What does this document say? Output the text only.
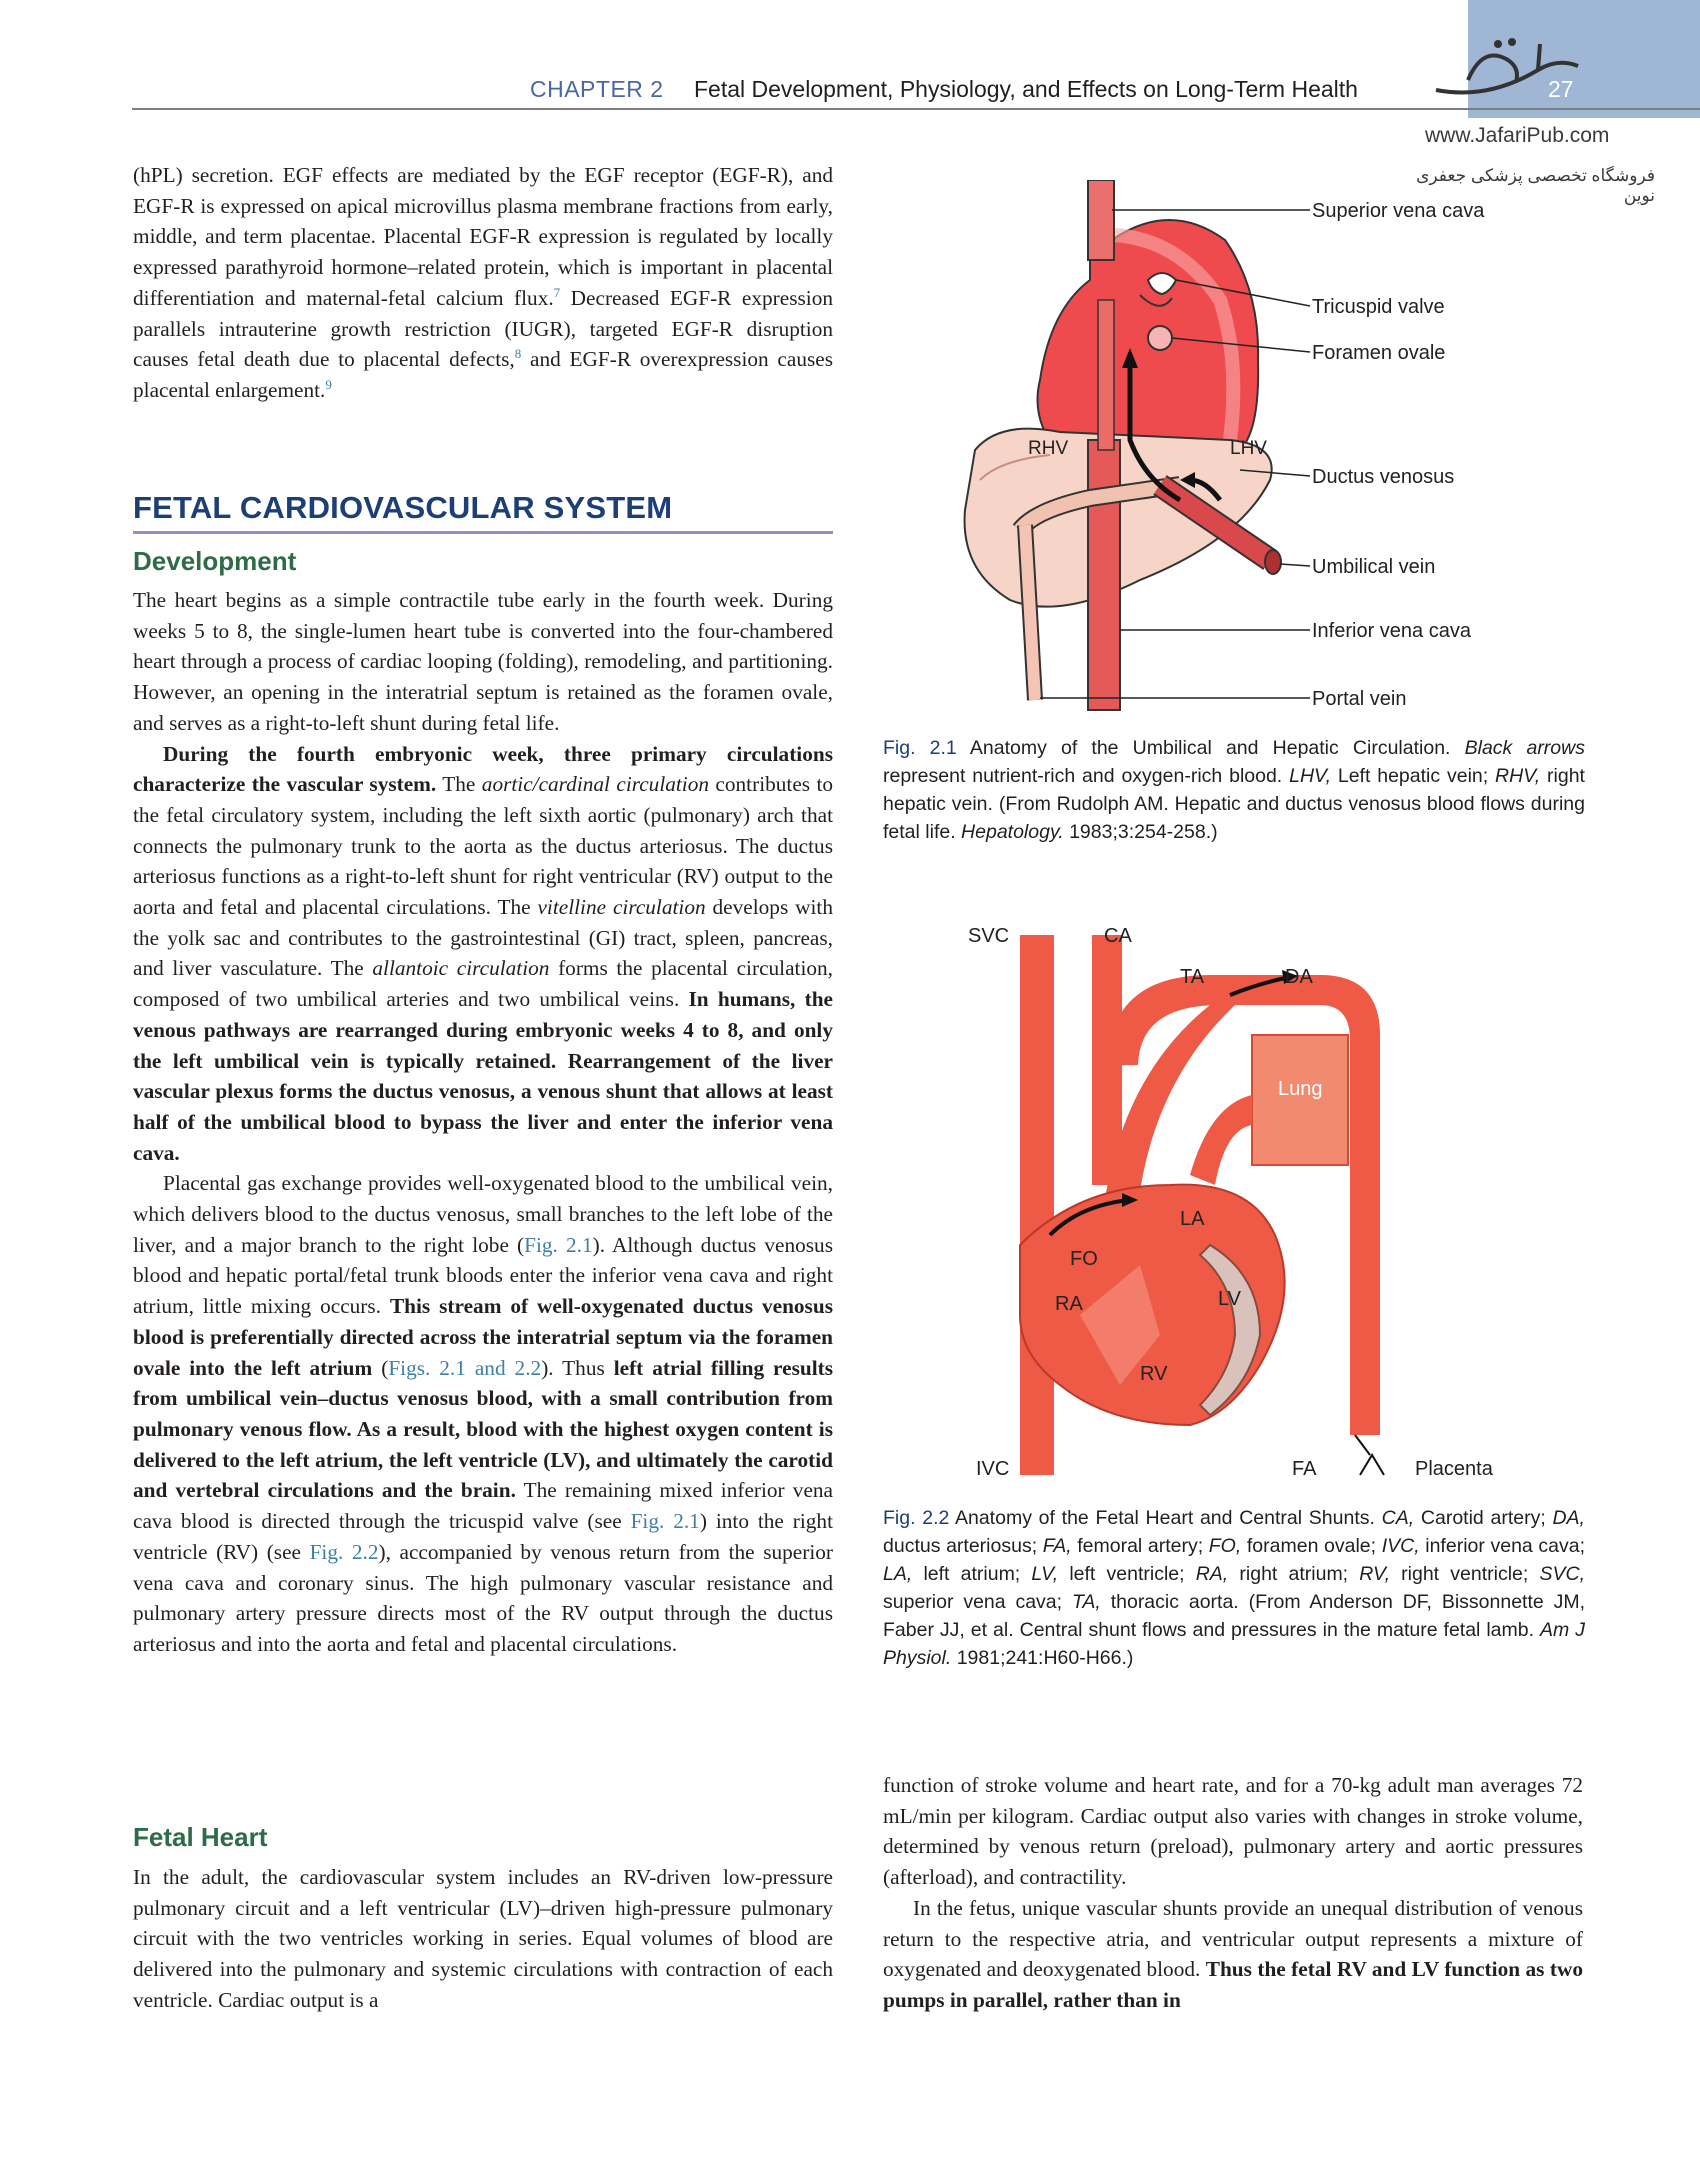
CHAPTER 2 Fetal Development, Physiology, and Effects on Long-Term Health	27
www.JafariPub.com
فروشگاه تخصصی پزشکی جعفری نوین

(hPL) secretion. EGF effects are mediated by the EGF receptor (EGF-R), and EGF-R is expressed on apical microvillus plasma membrane fractions from early, middle, and term placentae. Placental EGF-R expression is regulated by locally expressed parathyroid hormone–related protein, which is important in placental differentiation and maternal-fetal calcium flux.$^7$ Decreased EGF-R expression parallels intrauterine growth restriction (IUGR), targeted EGF-R disruption causes fetal death due to placental defects,$^8$ and EGF-R overexpression causes placental enlargement.$^9$

FETAL CARDIOVASCULAR SYSTEM
Development

The heart begins as a simple contractile tube early in the fourth week. During weeks 5 to 8, the single-lumen heart tube is converted into the four-chambered heart through a process of cardiac looping (folding), remodeling, and partitioning. However, an opening in the interatrial septum is retained as the foramen ovale, and serves as a right-to-left shunt during fetal life.

During the fourth embryonic week, three primary circulations characterize the vascular system. The aortic/cardinal circulation contributes to the fetal circulatory system, including the left sixth aortic (pulmonary) arch that connects the pulmonary trunk to the aorta as the ductus arteriosus. The ductus arteriosus functions as a right-to-left shunt for right ventricular (RV) output to the aorta and fetal and placental circulations. The vitelline circulation develops with the yolk sac and contributes to the gastrointestinal (GI) tract, spleen, pancreas, and liver vasculature. The allantoic circulation forms the placental circulation, composed of two umbilical arteries and two umbilical veins. In humans, the venous pathways are rearranged during embryonic weeks 4 to 8, and only the left umbilical vein is typically retained. Rearrangement of the liver vascular plexus forms the ductus venosus, a venous shunt that allows at least half of the umbilical blood to bypass the liver and enter the inferior vena cava.

Placental gas exchange provides well-oxygenated blood to the umbilical vein, which delivers blood to the ductus venosus, small branches to the left lobe of the liver, and a major branch to the right lobe (Fig. 2.1). Although ductus venosus blood and hepatic portal/fetal trunk bloods enter the inferior vena cava and right atrium, little mixing occurs. This stream of well-oxygenated ductus venosus blood is preferentially directed across the interatrial septum via the foramen ovale into the left atrium (Figs. 2.1 and 2.2). Thus left atrial filling results from umbilical vein–ductus venosus blood, with a small contribution from pulmonary venous flow. As a result, blood with the highest oxygen content is delivered to the left atrium, the left ventricle (LV), and ultimately the carotid and vertebral circulations and the brain. The remaining mixed inferior vena cava blood is directed through the tricuspid valve (see Fig. 2.1) into the right ventricle (RV) (see Fig. 2.2), accompanied by venous return from the superior vena cava and coronary sinus. The high pulmonary vascular resistance and pulmonary artery pressure directs most of the RV output through the ductus arteriosus and into the aorta and fetal and placental circulations.

Fetal Heart

In the adult, the cardiovascular system includes an RV-driven low-pressure pulmonary circuit and a left ventricular (LV)–driven high-pressure pulmonary circuit with the two ventricles working in series. Equal volumes of blood are delivered into the pulmonary and systemic circulations with contraction of each ventricle. Cardiac output is a

RHV	LHV
Superior vena cava
Tricuspid valve
Foramen ovale
Ductus venosus
Umbilical vein
Inferior vena cava
Portal vein
Fig. 2.1 Anatomy of the Umbilical and Hepatic Circulation. Black arrows represent nutrient-rich and oxygen-rich blood. LHV, Left hepatic vein; RHV, right hepatic vein. (From Rudolph AM. Hepatic and ductus venosus blood flows during fetal life. Hepatology. 1983;3:254-258.)
SVC	CA
TA	DA
Lung
LA
FO
RA	LV
RV
IVC	FA	Placenta
Fig. 2.2 Anatomy of the Fetal Heart and Central Shunts. CA, Carotid artery; DA, ductus arteriosus; FA, femoral artery; FO, foramen ovale; IVC, inferior vena cava; LA, left atrium; LV, left ventricle; RA, right atrium; RV, right ventricle; SVC, superior vena cava; TA, thoracic aorta. (From Anderson DF, Bissonnette JM, Faber JJ, et al. Central shunt flows and pressures in the mature fetal lamb. Am J Physiol. 1981;241:H60-H66.)

function of stroke volume and heart rate, and for a 70-kg adult man averages 72 mL/min per kilogram. Cardiac output also varies with changes in stroke volume, determined by venous return (preload), pulmonary artery and aortic pressures (afterload), and contractility.

In the fetus, unique vascular shunts provide an unequal distribution of venous return to the respective atria, and ventricular output represents a mixture of oxygenated and deoxygenated blood. Thus the fetal RV and LV function as two pumps in parallel, rather than in
